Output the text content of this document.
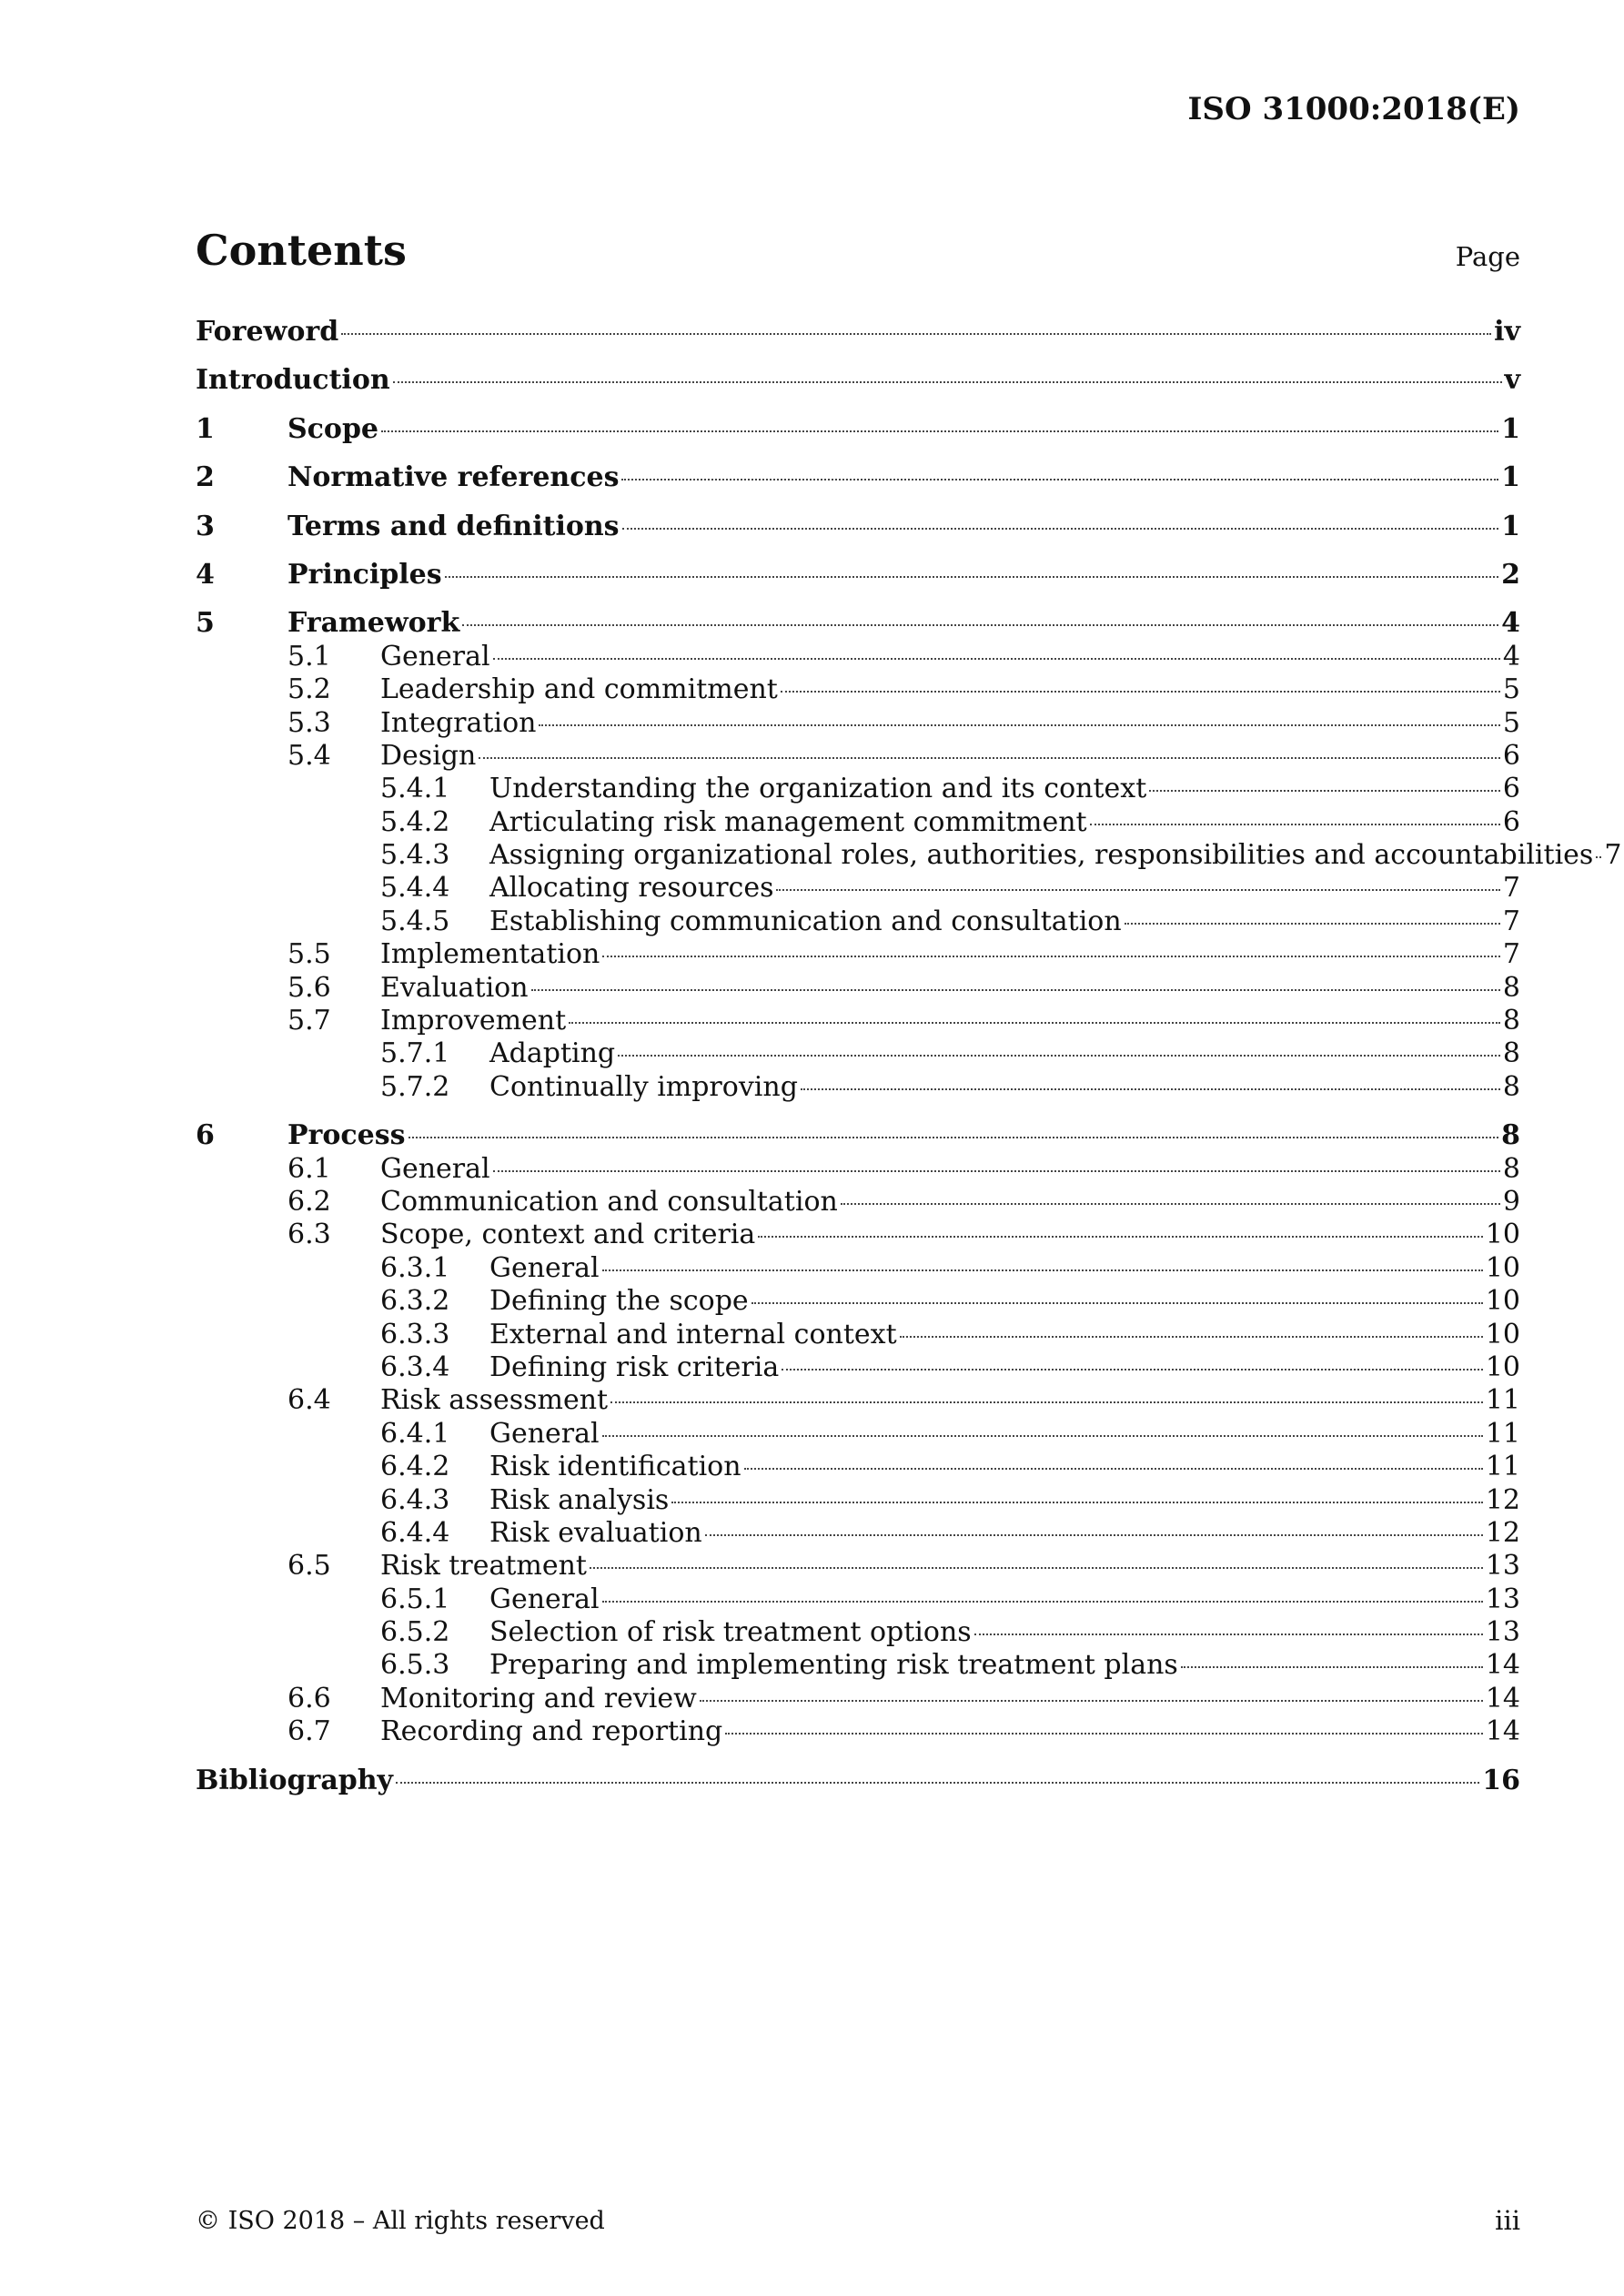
ISO 31000:2018(E)
Contents	Page
Foreword	iv
Introduction	v
1	Scope	1
2	Normative references	1
3	Terms and definitions	1
4	Principles	2
5	Framework	4
5.1 General	4
5.2 Leadership and commitment	5
5.3 Integration	5
5.4 Design	6
5.4.1 Understanding the organization and its context	6
5.4.2 Articulating risk management commitment	6
5.4.3 Assigning organizational roles, authorities, responsibilities and accountabilities 7
5.4.4 Allocating resources	7
5.4.5 Establishing communication and consultation	7
5.5 Implementation	7
5.6 Evaluation	8
5.7 Improvement	8
5.7.1 Adapting	8
5.7.2 Continually improving	8
6	Process	8
6.1 General	8
6.2 Communication and consultation	9
6.3 Scope, context and criteria	10
6.3.1 General	10
6.3.2 Defining the scope	10
6.3.3 External and internal context	10
6.3.4 Defining risk criteria	10
6.4 Risk assessment	11
6.4.1 General	11
6.4.2 Risk identification	11
6.4.3 Risk analysis	12
6.4.4 Risk evaluation	12
6.5 Risk treatment	13
6.5.1 General	13
6.5.2 Selection of risk treatment options	13
6.5.3 Preparing and implementing risk treatment plans	14
6.6 Monitoring and review	14
6.7 Recording and reporting	14
Bibliography	16
© ISO 2018 – All rights reserved	iii
